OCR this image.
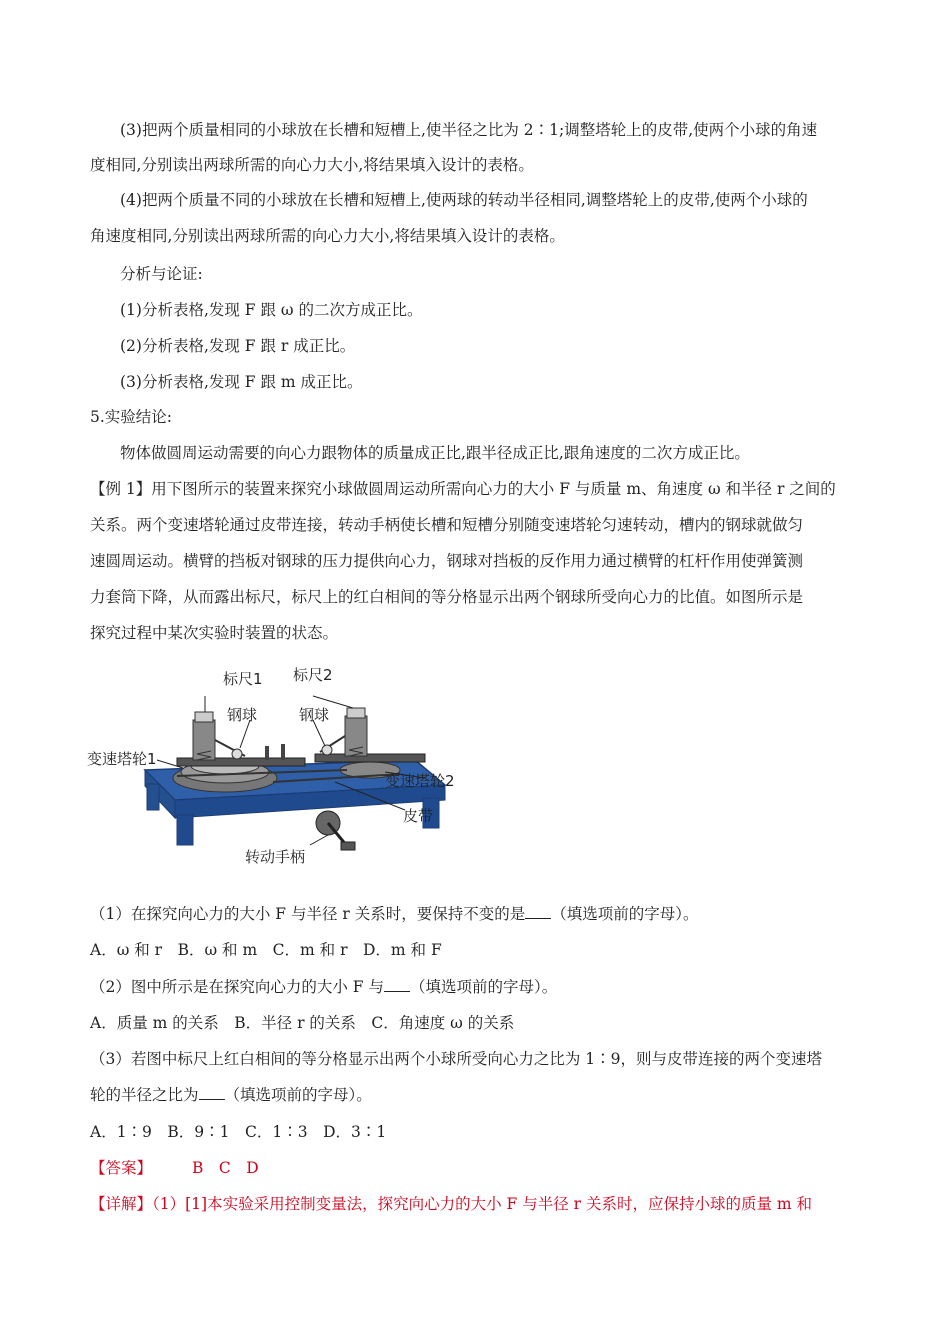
(3)把两个质量相同的小球放在长槽和短槽上,使半径之比为 2∶1;调整塔轮上的皮带,使两个小球的角速
度相同,分别读出两球所需的向心力大小,将结果填入设计的表格。
(4)把两个质量不同的小球放在长槽和短槽上,使两球的转动半径相同,调整塔轮上的皮带,使两个小球的
角速度相同,分别读出两球所需的向心力大小,将结果填入设计的表格。
分析与论证:
(1)分析表格,发现 F 跟 ω 的二次方成正比。
(2)分析表格,发现 F 跟 r 成正比。
(3)分析表格,发现 F 跟 m 成正比。
5.实验结论:
物体做圆周运动需要的向心力跟物体的质量成正比,跟半径成正比,跟角速度的二次方成正比。
【例 1】用下图所示的装置来探究小球做圆周运动所需向心力的大小 F 与质量 m、角速度 ω 和半径 r 之间的
关系。两个变速塔轮通过皮带连接，转动手柄使长槽和短槽分别随变速塔轮匀速转动，槽内的钢球就做匀
速圆周运动。横臂的挡板对钢球的压力提供向心力，钢球对挡板的反作用力通过横臂的杠杆作用使弹簧测
力套筒下降，从而露出标尺，标尺上的红白相间的等分格显示出两个钢球所受向心力的比值。如图所示是
探究过程中某次实验时装置的状态。
标尺1 标尺2
钢球	钢球
变速塔轮1
变速塔轮2
皮带
转动手柄
（1）在探究向心力的大小 F 与半径 r 关系时，要保持不变的是 （填选项前的字母）。
A．ω 和 r　B．ω 和 m　C．m 和 r　D．m 和 F
（2）图中所示是在探究向心力的大小 F 与 （填选项前的字母）。
A．质量 m 的关系　B．半径 r 的关系　C．角速度 ω 的关系
（3）若图中标尺上红白相间的等分格显示出两个小球所受向心力之比为 1∶9，则与皮带连接的两个变速塔
轮的半径之比为 （填选项前的字母）。
A．1∶9　B．9∶1　C．1∶3　D．3∶1
【答案】	B　C　D
【详解】（1）[1]本实验采用控制变量法，探究向心力的大小 F 与半径 r 关系时，应保持小球的质量 m 和
